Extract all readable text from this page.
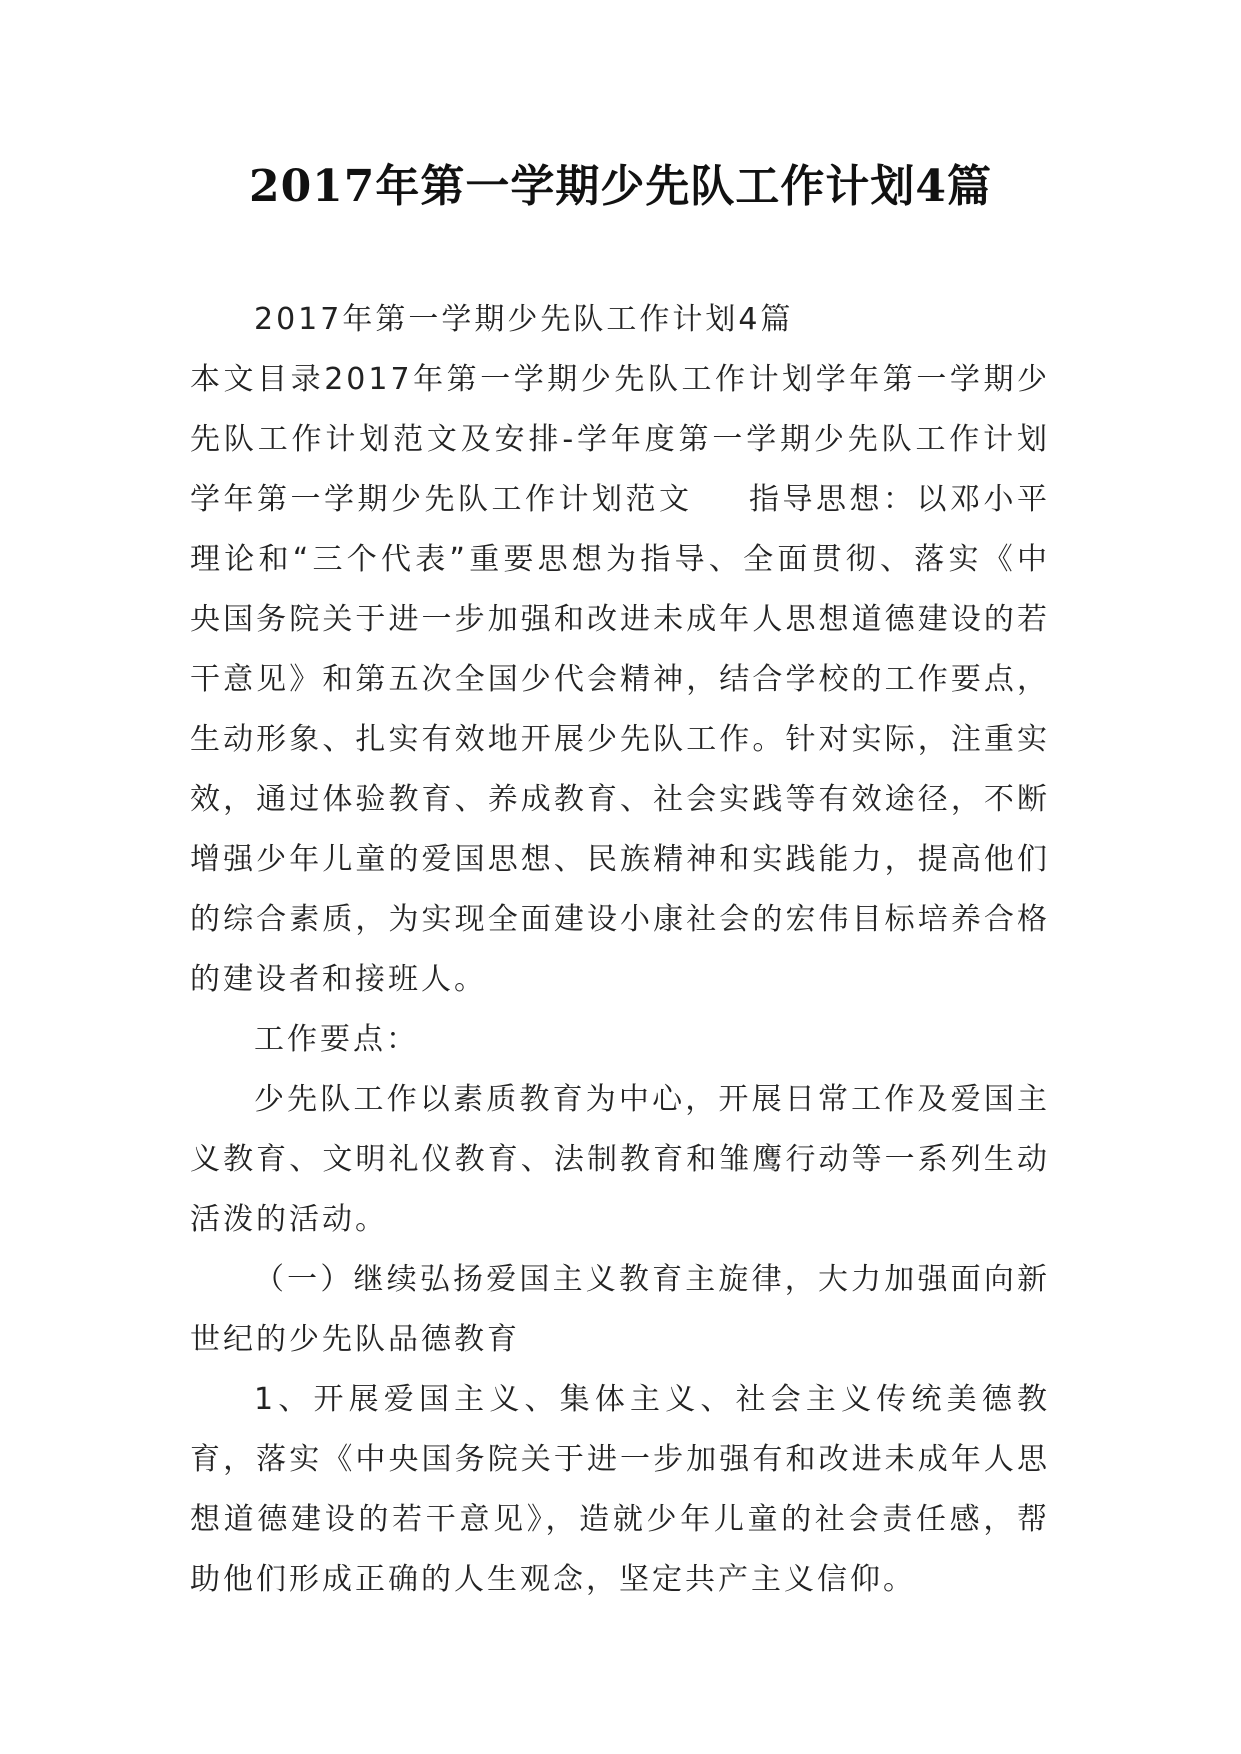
2017年第一学期少先队工作计划4篇

2017年第一学期少先队工作计划4篇

本文目录2017年第一学期少先队工作计划学年第一学期少先队工作计划范文及安排-学年度第一学期少先队工作计划学年第一学期少先队工作计划范文 指导思想：以邓小平理论和“三个代表”重要思想为指导、全面贯彻、落实《中央国务院关于进一步加强和改进未成年人思想道德建设的若干意见》和第五次全国少代会精神，结合学校的工作要点，生动形象、扎实有效地开展少先队工作。针对实际，注重实效，通过体验教育、养成教育、社会实践等有效途径，不断增强少年儿童的爱国思想、民族精神和实践能力，提高他们的综合素质，为实现全面建设小康社会的宏伟目标培养合格的建设者和接班人。

工作要点：

少先队工作以素质教育为中心，开展日常工作及爱国主义教育、文明礼仪教育、法制教育和雏鹰行动等一系列生动活泼的活动。

（一）继续弘扬爱国主义教育主旋律，大力加强面向新世纪的少先队品德教育

1、开展爱国主义、集体主义、社会主义传统美德教育，落实《中央国务院关于进一步加强有和改进未成年人思想道德建设的若干意见》，造就少年儿童的社会责任感，帮助他们形成正确的人生观念，坚定共产主义信仰。
